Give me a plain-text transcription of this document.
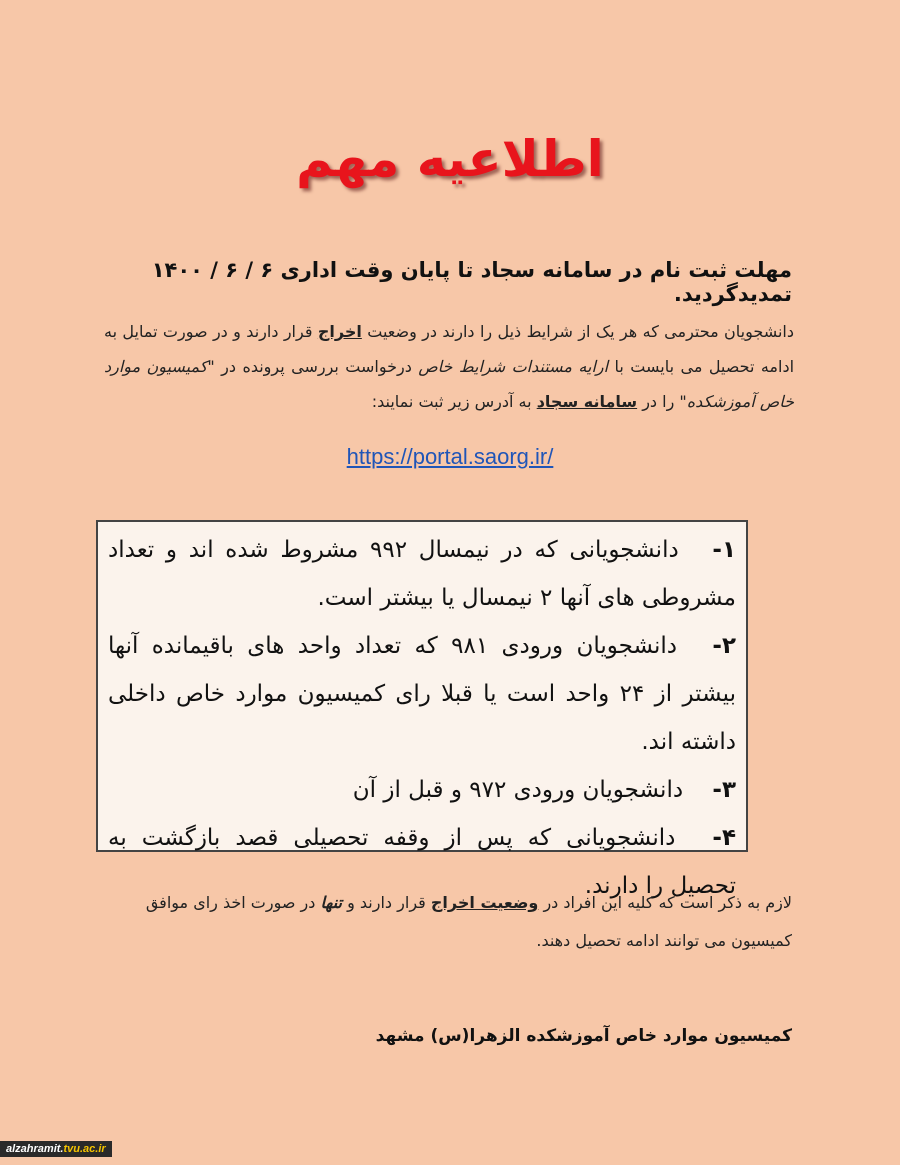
اطلاعیه مهم
مهلت ثبت نام در سامانه سجاد تا پایان وقت اداری ۶ / ۶ / ۱۴۰۰ تمدیدگردید.
دانشجویان محترمی که هر یک از شرایط ذیل را دارند در وضعیت اخراج قرار دارند و در صورت تمایل به ادامه تحصیل می بایست با ارایه مستندات شرایط خاص درخواست بررسی پرونده در "کمیسیون موارد خاص آموزشکده" را در سامانه سجاد به آدرس زیر ثبت نمایند:
https://portal.saorg.ir/
۱- دانشجویانی که در نیمسال ۹۹۲ مشروط شده اند و تعداد مشروطی های آنها ۲ نیمسال یا بیشتر است.
۲- دانشجویان ورودی ۹۸۱ که تعداد واحد های باقیمانده آنها بیشتر از ۲۴ واحد است یا قبلا رای کمیسیون موارد خاص داخلی داشته اند.
۳- دانشجویان ورودی ۹۷۲ و قبل از آن
۴- دانشجویانی که پس از وقفه تحصیلی قصد بازگشت به تحصیل را دارند.
لازم به ذکر است که کلیه این افراد در وضعیت اخراج قرار دارند و تنها در صورت اخذ رای موافق کمیسیون می توانند ادامه تحصیل دهند.
کمیسیون موارد خاص آموزشکده الزهرا(س) مشهد
alzahramit.tvu.ac.ir
